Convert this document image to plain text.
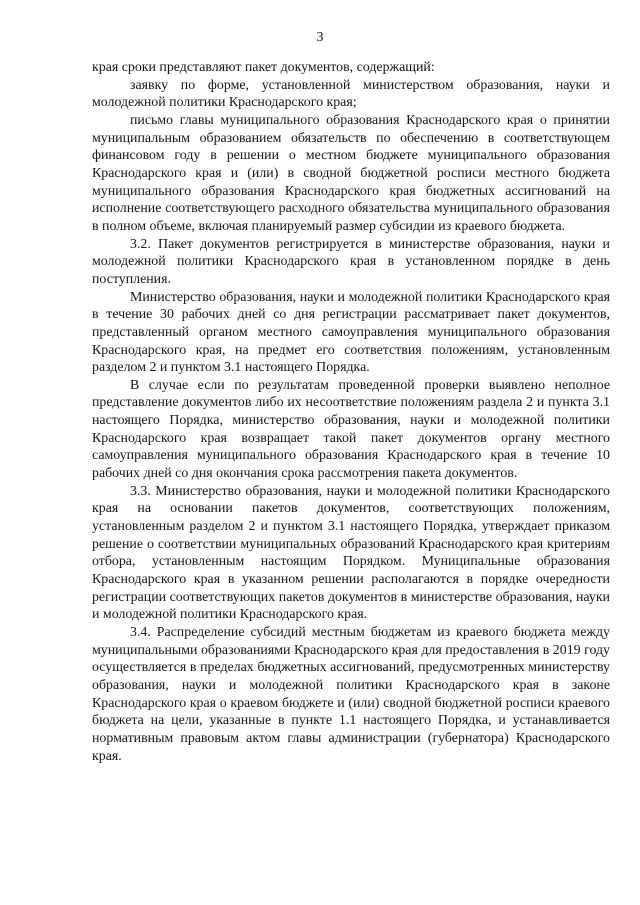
3

края сроки представляют пакет документов, содержащий:

заявку по форме, установленной министерством образования, науки и молодежной политики Краснодарского края;

письмо главы муниципального образования Краснодарского края о принятии муниципальным образованием обязательств по обеспечению в соответствующем финансовом году в решении о местном бюджете муниципального образования Краснодарского края и (или) в сводной бюджетной росписи местного бюджета муниципального образования Краснодарского края бюджетных ассигнований на исполнение соответствующего расходного обязательства муниципального образования в полном объеме, включая планируемый размер субсидии из краевого бюджета.

3.2. Пакет документов регистрируется в министерстве образования, науки и молодежной политики Краснодарского края в установленном порядке в день поступления.

Министерство образования, науки и молодежной политики Краснодарского края в течение 30 рабочих дней со дня регистрации рассматривает пакет документов, представленный органом местного самоуправления муниципального образования Краснодарского края, на предмет его соответствия положениям, установленным разделом 2 и пунктом 3.1 настоящего Порядка.

В случае если по результатам проведенной проверки выявлено неполное представление документов либо их несоответствие положениям раздела 2 и пункта 3.1 настоящего Порядка, министерство образования, науки и молодежной политики Краснодарского края возвращает такой пакет документов органу местного самоуправления муниципального образования Краснодарского края в течение 10 рабочих дней со дня окончания срока рассмотрения пакета документов.

3.3. Министерство образования, науки и молодежной политики Краснодарского края на основании пакетов документов, соответствующих положениям, установленным разделом 2 и пунктом 3.1 настоящего Порядка, утверждает приказом решение о соответствии муниципальных образований Краснодарского края критериям отбора, установленным настоящим Порядком. Муниципальные образования Краснодарского края в указанном решении располагаются в порядке очередности регистрации соответствующих пакетов документов в министерстве образования, науки и молодежной политики Краснодарского края.

3.4. Распределение субсидий местным бюджетам из краевого бюджета между муниципальными образованиями Краснодарского края для предоставления в 2019 году осуществляется в пределах бюджетных ассигнований, предусмотренных министерству образования, науки и молодежной политики Краснодарского края в законе Краснодарского края о краевом бюджете и (или) сводной бюджетной росписи краевого бюджета на цели, указанные в пункте 1.1 настоящего Порядка, и устанавливается нормативным правовым актом главы администрации (губернатора) Краснодарского края.
